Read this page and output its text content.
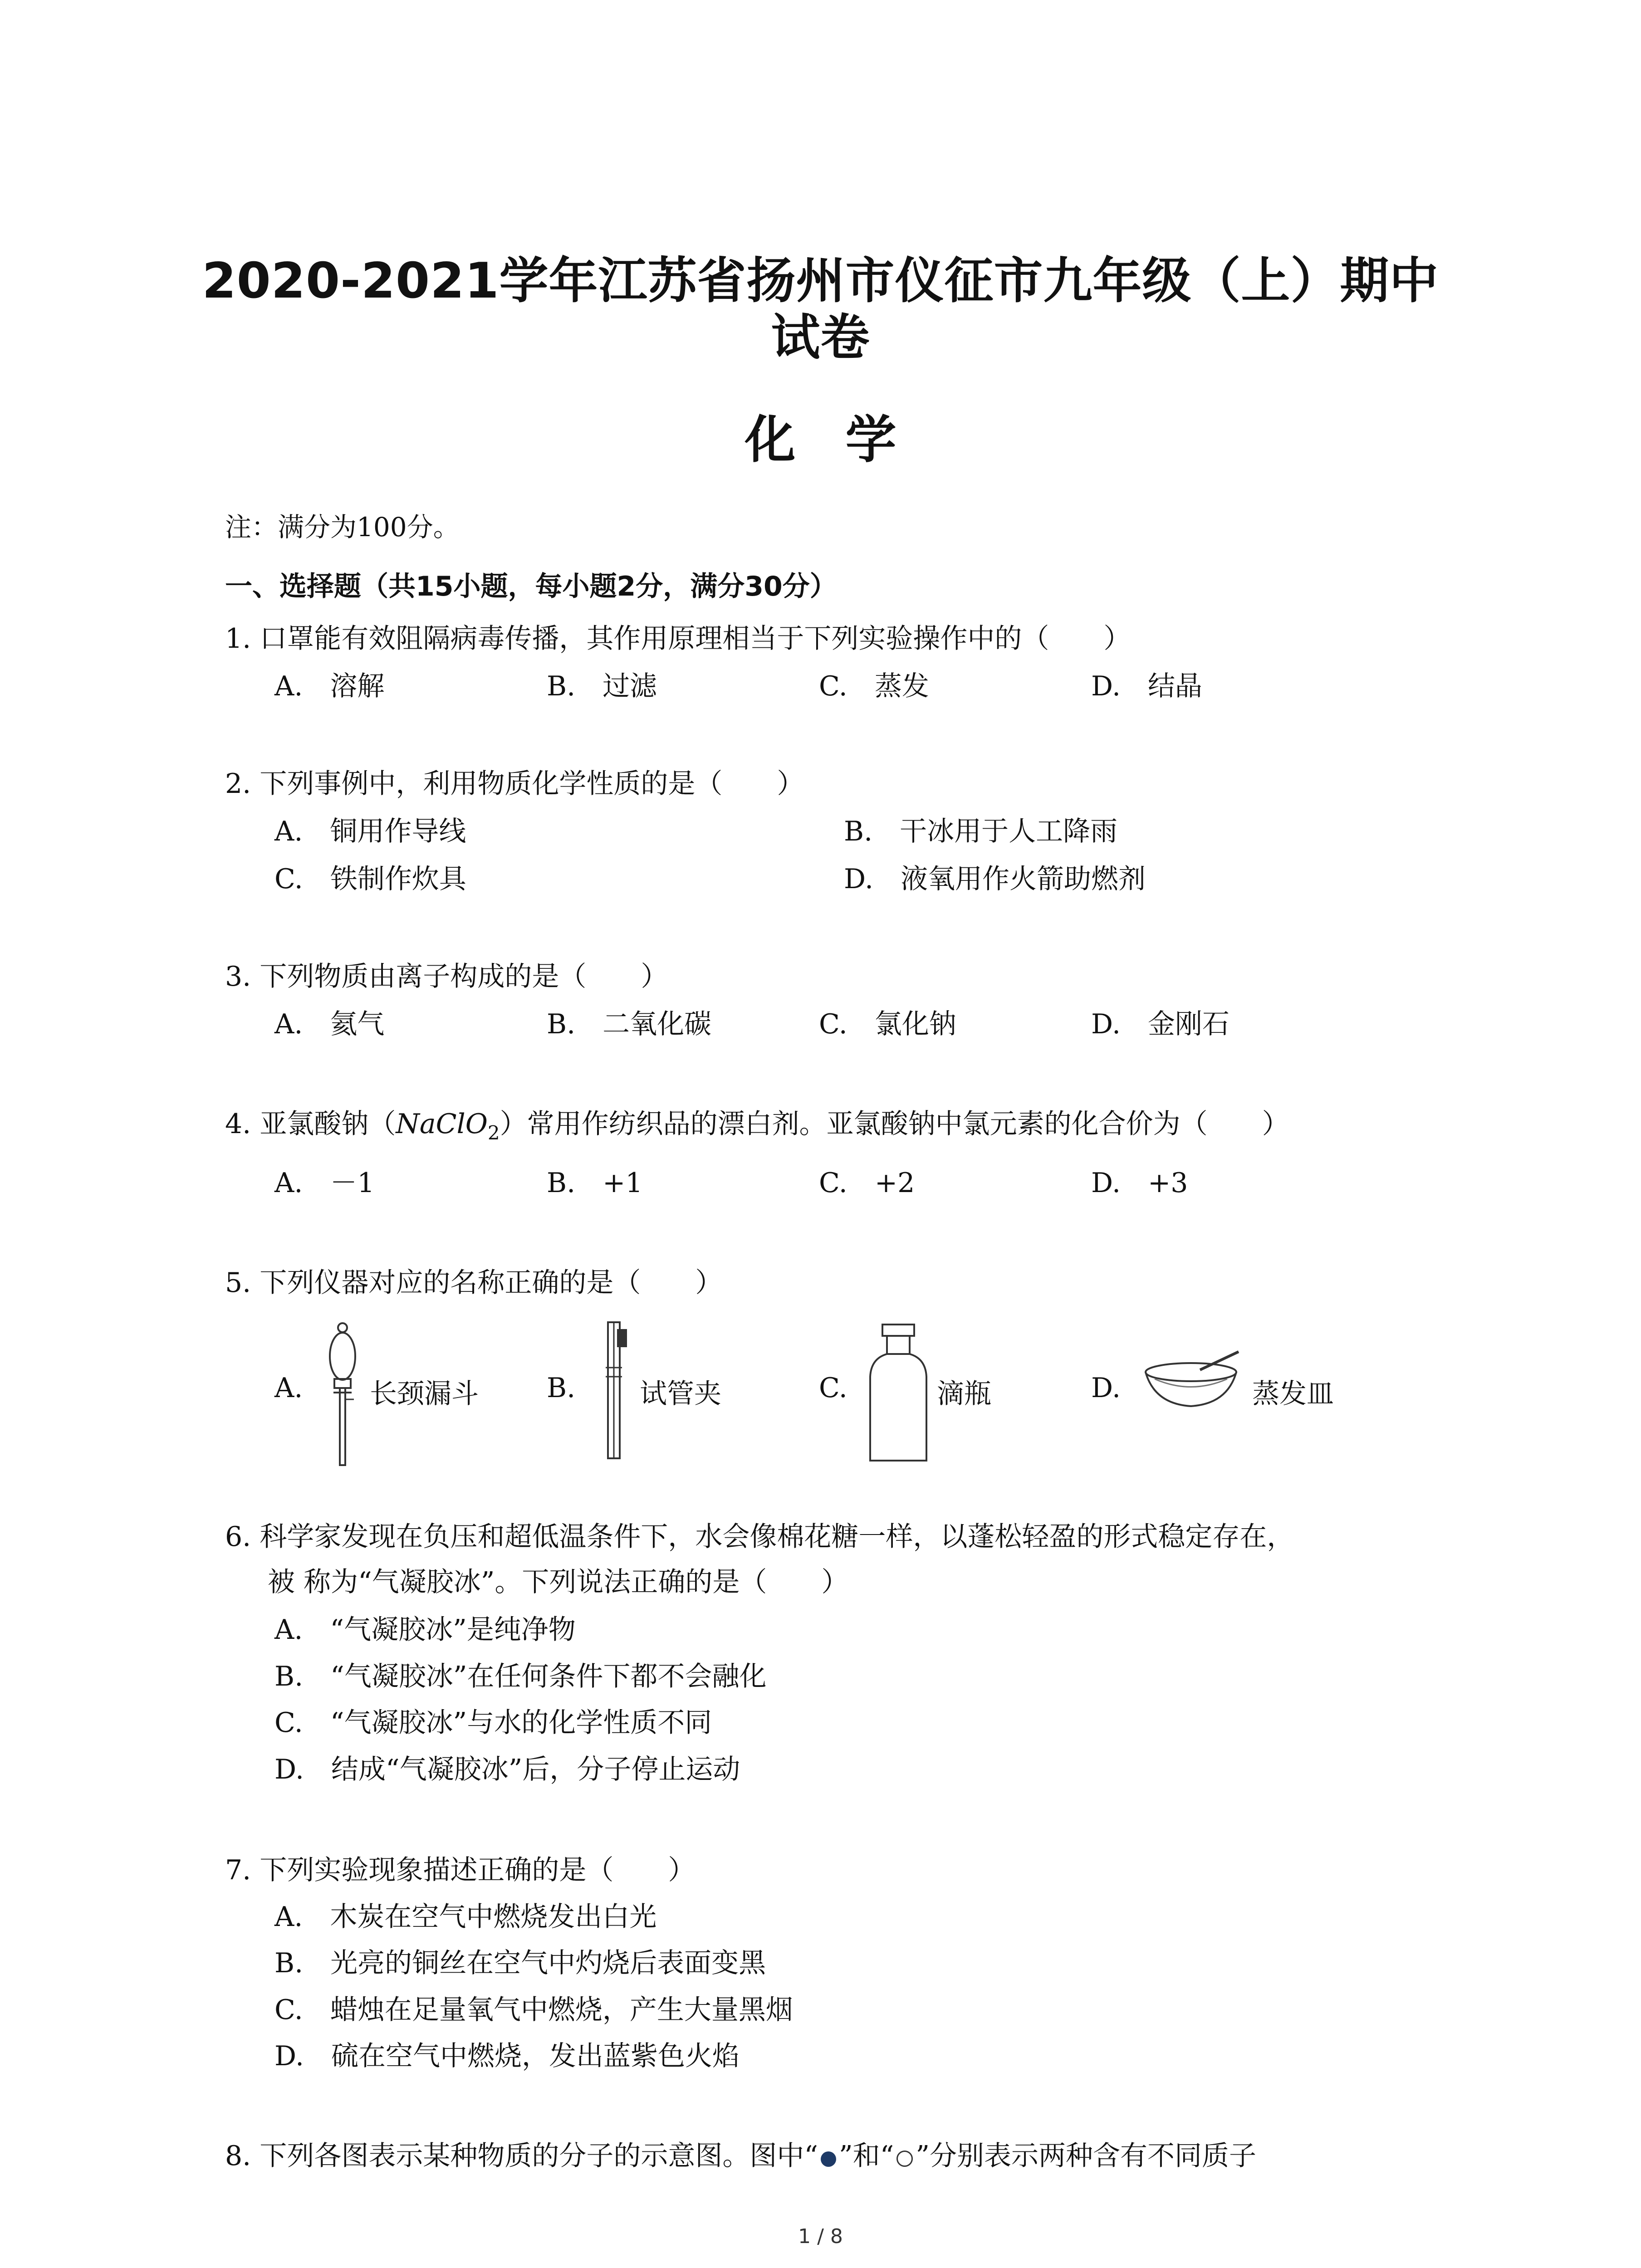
2020-2021学年江苏省扬州市仪征市九年级（上）期中
试卷
化学
注：满分为100分。
一、选择题（共15小题，每小题2分，满分30分）
1. 口罩能有效阻隔病毒传播，其作用原理相当于下列实验操作中的（　　）
A.　溶解	B.　过滤	C.　蒸发	D.　结晶
2. 下列事例中，利用物质化学性质的是（　　）
A.　铜用作导线	B.　干冰用于人工降雨
C.　铁制作炊具	D.　液氧用作火箭助燃剂
3. 下列物质由离子构成的是（　　）
A.　氦气	B.　二氧化碳	C.　氯化钠	D.　金刚石
4. 亚氯酸钠（NaClO$_2$）常用作纺织品的漂白剂。亚氯酸钠中氯元素的化合价为（　　）
A.　－1	B.　+1	C.　+2	D.　+3
5. 下列仪器对应的名称正确的是（　　）
A. 长颈漏斗	B. 试管夹	C.	滴瓶	D.	蒸发皿
6. 科学家发现在负压和超低温条件下，水会像棉花糖一样，以蓬松轻盈的形式稳定存在，
被 称为“气凝胶冰”。下列说法正确的是（　　）
A.　“气凝胶冰”是纯净物
B.　“气凝胶冰”在任何条件下都不会融化
C.　“气凝胶冰”与水的化学性质不同
D.　结成“气凝胶冰”后，分子停止运动
7. 下列实验现象描述正确的是（　　）
A.　木炭在空气中燃烧发出白光
B.　光亮的铜丝在空气中灼烧后表面变黑
C.　蜡烛在足量氧气中燃烧，产生大量黑烟
D.　硫在空气中燃烧，发出蓝紫色火焰
8. 下列各图表示某种物质的分子的示意图。图中“ ”和“ ”分别表示两种含有不同质子
1 / 8
